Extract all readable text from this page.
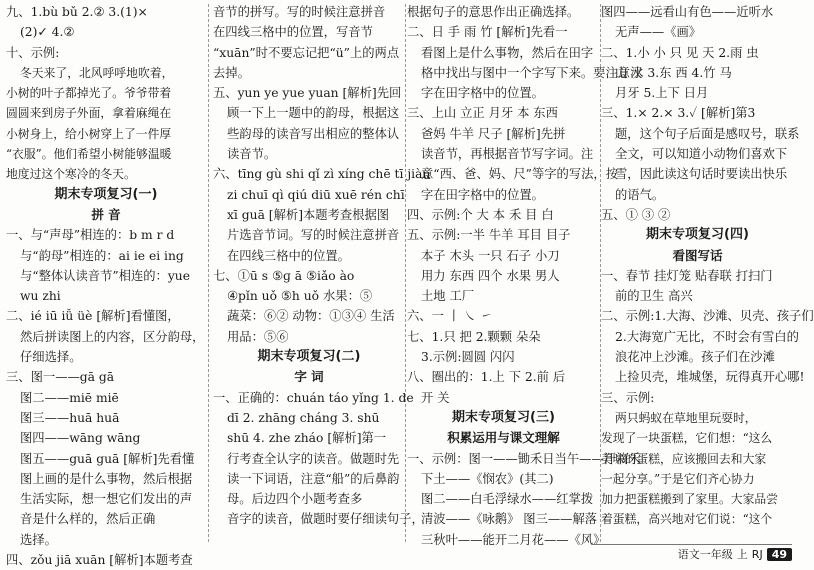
九、1.bù bǔ 2.② 3.(1)×
(2)✓ 4.②
十、示例:
冬天来了，北风呼呼地吹着，
小树的叶子都掉光了。爷爷带着
圆圆来到房子外面，拿着麻绳在
小树身上，给小树穿上了一件厚
“衣服”。他们希望小树能够温暖
地度过这个寒冷的冬天。
期末专项复习(一)
拼 音
一、与“声母”相连的：b m r d
与“韵母”相连的：ai ie ei ing
与“整体认读音节”相连的：yue
wu zhi
二、ié iū iǚ üè [解析]看懂图，
然后拼读图上的内容，区分韵母，
仔细选择。
三、图一——gā gā
图二——miē miē
图三——huā huā
图四——wāng wāng
图五——guā guā [解析]先看懂
图上画的是什么事物，然后根据
生活实际，想一想它们发出的声
音是什么样的，然后正确
选择。
四、zǒu jiā xuān [解析]本题考查
音节的拼写。写的时候注意拼音
在四线三格中的位置，写音节
“xuān”时不要忘记把“ü”上的两点
去掉。
五、yun ye yue yuan [解析]先回
顾一下上一题中的韵母，根据这
些韵母的读音写出相应的整体认
读音节。
六、tīng gù shi qǐ zì xíng chē tī jiàn
zi chuī qì qiú diū xuē rén chī
xī guā [解析]本题考查根据图
片选音节词。写的时候注意拼音
在四线三格中的位置。
七、①ū s ⑤ɡ ā ⑤iǎo ào
④pǐn uǒ ⑤h uǒ 水果：⑤
蔬菜：⑥② 动物：①③④ 生活
用品：⑤⑥
期末专项复习(二)
字 词
一、正确的：chuán táo yǐng 1. de
dī 2. zhāng cháng 3. shū
shū 4. zhe zháo [解析]第一
行考查全认字的读音。做题时先
读一下词语，注意“船”的后鼻韵
母。后边四个小题考查多
音字的读音，做题时要仔细读句子，
根据句子的意思作出正确选择。
二、日 手 雨 竹 [解析]先看一
看图上是什么事物，然后在田字
格中找出与图中一个字写下来。要注意汉
字在田字格中的位置。
三、上山 立正 月牙 本 东西
爸妈 牛羊 尺子 [解析]先拼
读音节，再根据音节写字词。注
意“西、爸、妈、尺”等字的写法，按
字在田字格中的位置。
四、示例:个 大 本 禾 目 白
五、示例:一半 牛羊 耳目 目子
本子 木头 一只 石子 小刀
用力 东西 四个 水果 男人
土地 工厂
六、一 丨 ㇏ ㇀
七、1.只 把 2.颗颗 朵朵
3.示例:圆圆 闪闪
八、圈出的：1.上 下 2.前 后
开 关
期末专项复习(三)
积累运用与课文理解
一、示例：图一——锄禾日当午——汗滴禾
下土——《悯农》(其二)
图二——白毛浮绿水——红掌拨
清波——《咏鹅》 图三——解落
三秋叶——能开二月花——《风》
图四——远看山有色——近听水
无声——《画》
二、1.小 小 只 见 天 2.雨 虫
山 水 3.东 西 4.竹 马
月牙 5.上下 日月
三、1.× 2.× 3.✓ [解析]第3
题，这个句子后面是感叹号，联系
全文，可以知道小动物们喜欢下
雪，因此读这句话时要读出快乐
的语气。
五、① ③ ②
期末专项复习(四)
看图写话
一、春节 挂灯笼 贴春联 打扫门
前的卫生 高兴
二、示例:1.大海、沙滩、贝壳、孩子们
2.大海宽广无比，不时会有雪白的
浪花冲上沙滩。孩子们在沙滩
上捡贝壳，堆城堡，玩得真开心哪!
三、示例:
两只蚂蚁在草地里玩耍时，
发现了一块蛋糕，它们想：“这么
美味的蛋糕，应该搬回去和大家
一起分享。”于是它们齐心协力
加力把蛋糕搬到了家里。大家品尝
着蛋糕，高兴地对它们说：“这个
语文一年级 上 RJ 49
